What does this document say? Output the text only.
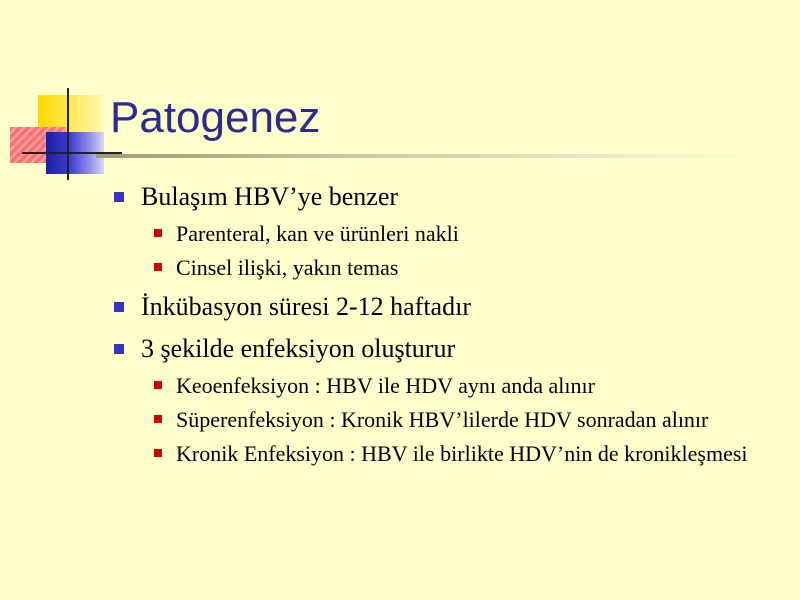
Patogenez
Bulaşım HBV’ye benzer
Parenteral, kan ve ürünleri nakli
Cinsel ilişki, yakın temas
İnkübasyon süresi 2-12 haftadır
3 şekilde enfeksiyon oluşturur
Keoenfeksiyon : HBV ile HDV aynı anda alınır
Süperenfeksiyon : Kronik HBV’lilerde HDV sonradan alınır
Kronik Enfeksiyon : HBV ile birlikte HDV’nin de kronikleşmesi
